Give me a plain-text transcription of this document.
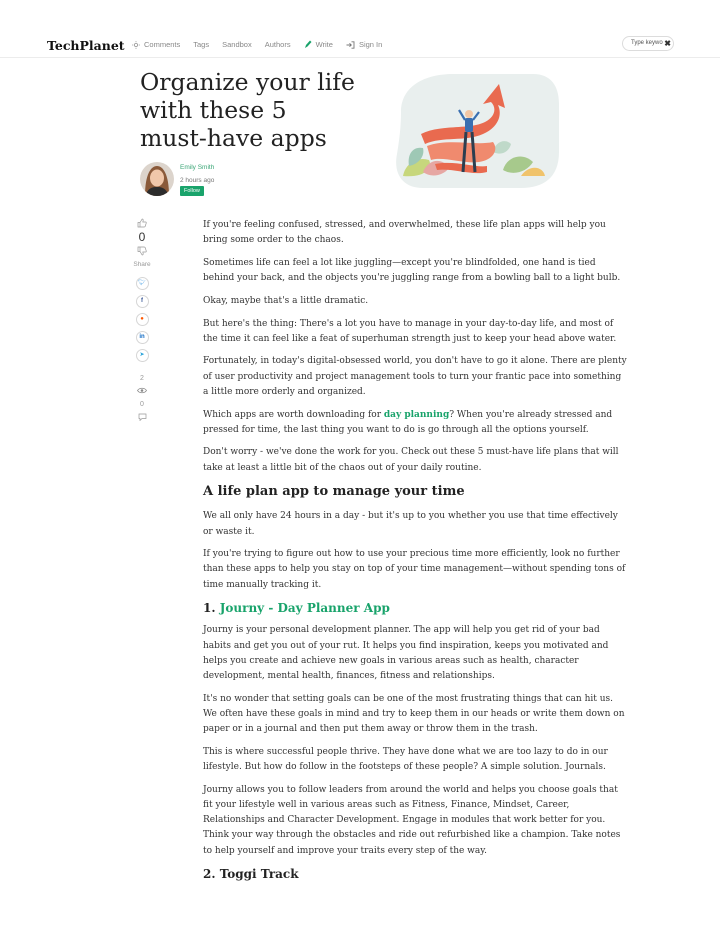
TechPlanet	Comments Tags Sandbox Authors	Write	Sign In	Type keywo ✖
Organize your life with these 5 must-have apps
Emily Smith
2 hours ago
Follow
0
Share
🐦︎
f
●
in
➤
2
0

If you're feeling confused, stressed, and overwhelmed, these life plan apps will help you bring some order to the chaos.

Sometimes life can feel a lot like juggling—except you're blindfolded, one hand is tied behind your back, and the objects you're juggling range from a bowling ball to a light bulb.

Okay, maybe that's a little dramatic.

But here's the thing: There's a lot you have to manage in your day-to-day life, and most of the time it can feel like a feat of superhuman strength just to keep your head above water.

Fortunately, in today's digital-obsessed world, you don't have to go it alone. There are plenty of user productivity and project management tools to turn your frantic pace into something a little more orderly and organized.

Which apps are worth downloading for day planning? When you're already stressed and pressed for time, the last thing you want to do is go through all the options yourself.

Don't worry - we've done the work for you. Check out these 5 must-have life plans that will take at least a little bit of the chaos out of your daily routine.

A life plan app to manage your time

We all only have 24 hours in a day - but it's up to you whether you use that time effectively or waste it.

If you're trying to figure out how to use your precious time more efficiently, look no further than these apps to help you stay on top of your time management—without spending tons of time manually tracking it.

1. Journy - Day Planner App

Journy is your personal development planner. The app will help you get rid of your bad habits and get you out of your rut. It helps you find inspiration, keeps you motivated and helps you create and achieve new goals in various areas such as health, character development, mental health, finances, fitness and relationships.

It's no wonder that setting goals can be one of the most frustrating things that can hit us. We often have these goals in mind and try to keep them in our heads or write them down on paper or in a journal and then put them away or throw them in the trash.

This is where successful people thrive. They have done what we are too lazy to do in our lifestyle. But how do follow in the footsteps of these people? A simple solution. Journals.

Journy allows you to follow leaders from around the world and helps you choose goals that fit your lifestyle well in various areas such as Fitness, Finance, Mindset, Career, Relationships and Character Development. Engage in modules that work better for you. Think your way through the obstacles and ride out refurbished like a champion. Take notes to help yourself and improve your traits every step of the way.

2. Toggi Track
